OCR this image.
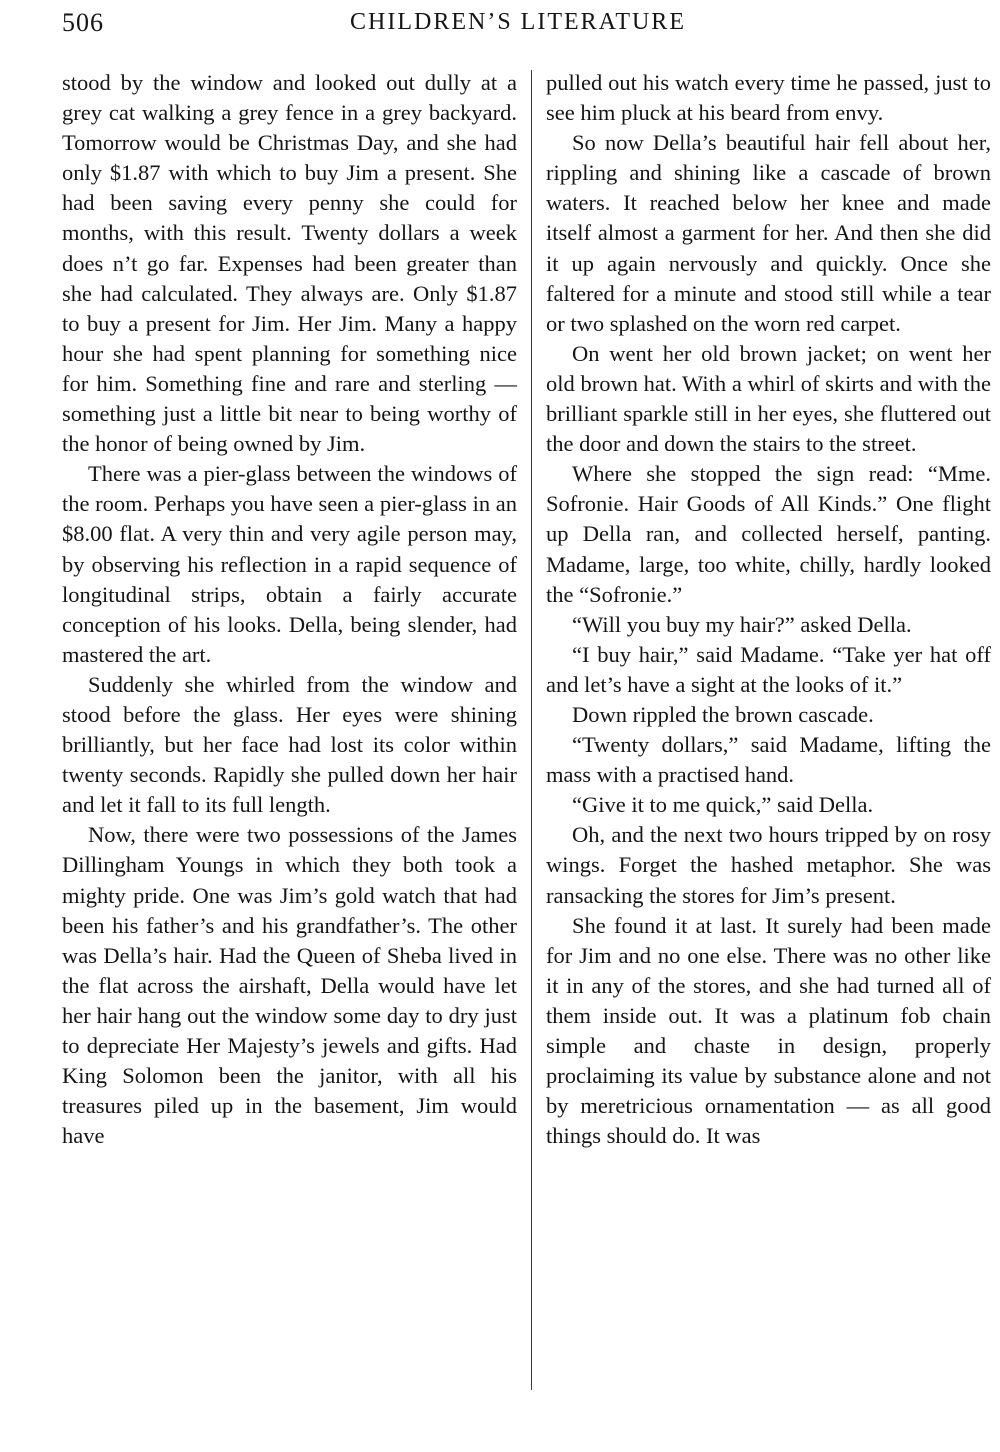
506	CHILDREN’S LITERATURE

stood by the window and looked out dully at a grey cat walking a grey fence in a grey backyard. Tomorrow would be Christmas Day, and she had only $1.87 with which to buy Jim a present. She had been saving every penny she could for months, with this result. Twenty dollars a week does n’t go far. Expenses had been greater than she had calculated. They always are. Only $1.87 to buy a present for Jim. Her Jim. Many a happy hour she had spent planning for something nice for him. Something fine and rare and sterling — something just a little bit near to being worthy of the honor of being owned by Jim.

There was a pier-glass between the windows of the room. Perhaps you have seen a pier-glass in an $8.00 flat. A very thin and very agile person may, by observing his reflection in a rapid sequence of longitudinal strips, obtain a fairly accurate conception of his looks. Della, being slender, had mastered the art.

Suddenly she whirled from the window and stood before the glass. Her eyes were shining brilliantly, but her face had lost its color within twenty seconds. Rapidly she pulled down her hair and let it fall to its full length.

Now, there were two possessions of the James Dillingham Youngs in which they both took a mighty pride. One was Jim’s gold watch that had been his father’s and his grandfather’s. The other was Della’s hair. Had the Queen of Sheba lived in the flat across the airshaft, Della would have let her hair hang out the window some day to dry just to depreciate Her Majesty’s jewels and gifts. Had King Solomon been the janitor, with all his treasures piled up in the basement, Jim would have

pulled out his watch every time he passed, just to see him pluck at his beard from envy.

So now Della’s beautiful hair fell about her, rippling and shining like a cascade of brown waters. It reached below her knee and made itself almost a garment for her. And then she did it up again nervously and quickly. Once she faltered for a minute and stood still while a tear or two splashed on the worn red carpet.

On went her old brown jacket; on went her old brown hat. With a whirl of skirts and with the brilliant sparkle still in her eyes, she fluttered out the door and down the stairs to the street.

Where she stopped the sign read: “Mme. Sofronie. Hair Goods of All Kinds.” One flight up Della ran, and collected herself, panting. Madame, large, too white, chilly, hardly looked the “Sofronie.”

“Will you buy my hair?” asked Della.

“I buy hair,” said Madame. “Take yer hat off and let’s have a sight at the looks of it.”

Down rippled the brown cascade.

“Twenty dollars,” said Madame, lifting the mass with a practised hand.

“Give it to me quick,” said Della.

Oh, and the next two hours tripped by on rosy wings. Forget the hashed metaphor. She was ransacking the stores for Jim’s present.

She found it at last. It surely had been made for Jim and no one else. There was no other like it in any of the stores, and she had turned all of them inside out. It was a platinum fob chain simple and chaste in design, properly proclaiming its value by substance alone and not by meretricious ornamentation — as all good things should do. It was
